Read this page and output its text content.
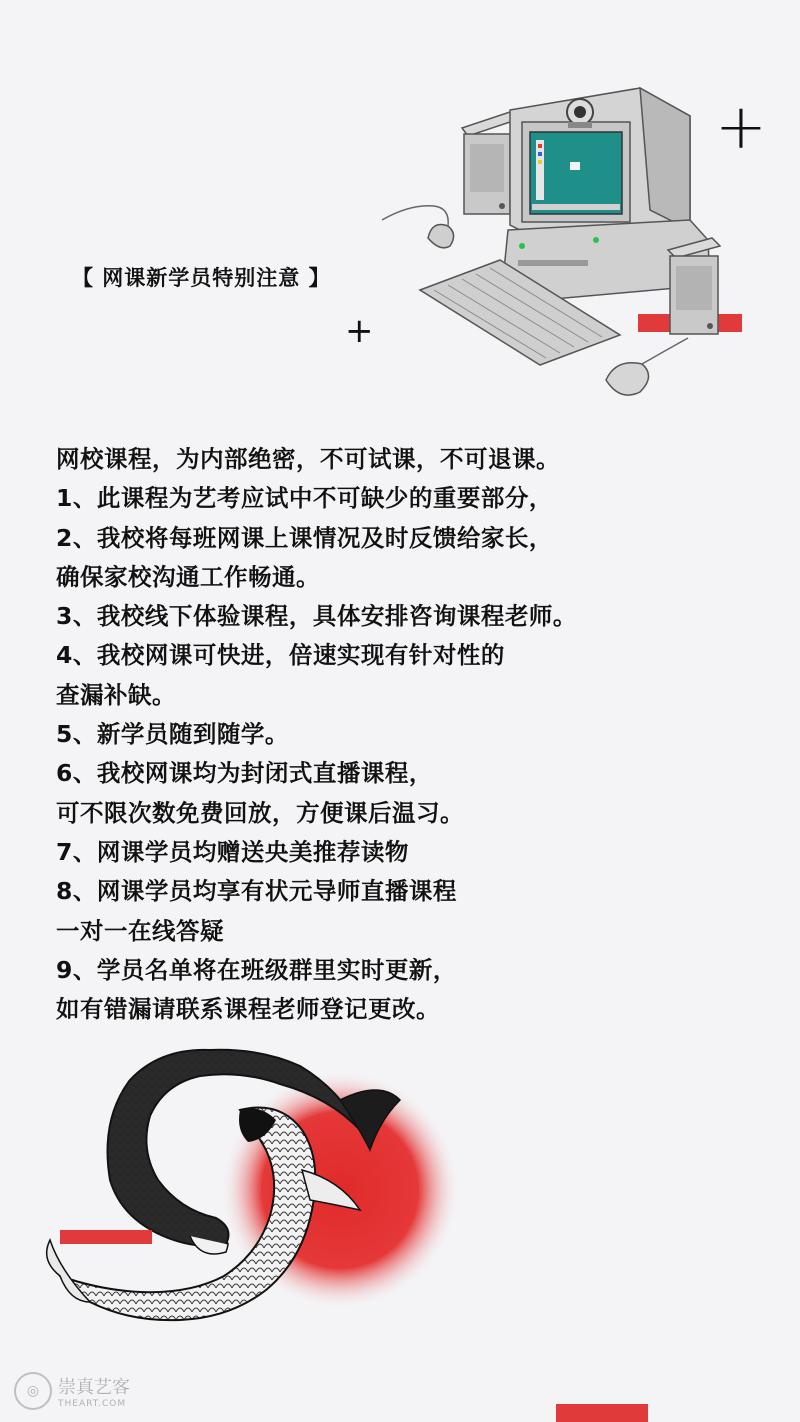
+
+
【 网课新学员特别注意 】
网校课程，为内部绝密，不可试课，不可退课。
1、此课程为艺考应试中不可缺少的重要部分，
2、我校将每班网课上课情况及时反馈给家长，
确保家校沟通工作畅通。
3、我校线下体验课程，具体安排咨询课程老师。
4、我校网课可快进，倍速实现有针对性的
查漏补缺。
5、新学员随到随学。
6、我校网课均为封闭式直播课程，
可不限次数免费回放，方便课后温习。
7、网课学员均赠送央美推荐读物
8、网课学员均享有状元导师直播课程
一对一在线答疑
9、学员名单将在班级群里实时更新，
如有错漏请联系课程老师登记更改。
◎	崇真艺客
THEART.COM
